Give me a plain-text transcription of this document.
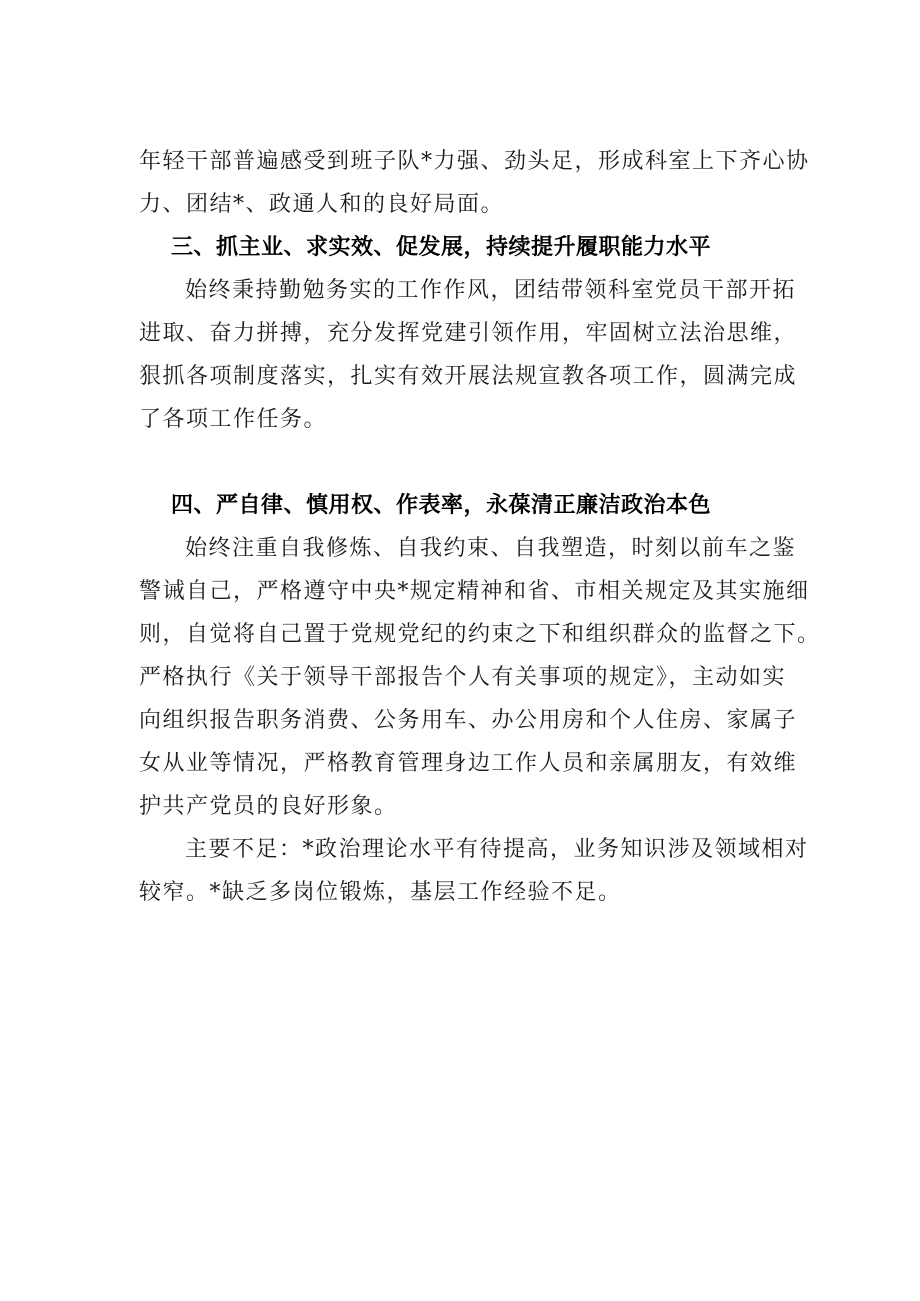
年轻干部普遍感受到班子队*力强、劲头足，形成科室上下齐心协
力、团结*、政通人和的良好局面。
三、抓主业、求实效、促发展，持续提升履职能力水平
始终秉持勤勉务实的工作作风，团结带领科室党员干部开拓
进取、奋力拼搏，充分发挥党建引领作用，牢固树立法治思维，
狠抓各项制度落实，扎实有效开展法规宣教各项工作，圆满完成
了各项工作任务。
四、严自律、慎用权、作表率，永葆清正廉洁政治本色
始终注重自我修炼、自我约束、自我塑造，时刻以前车之鉴
警诫自己，严格遵守中央*规定精神和省、市相关规定及其实施细
则，自觉将自己置于党规党纪的约束之下和组织群众的监督之下。
严格执行《关于领导干部报告个人有关事项的规定》，主动如实
向组织报告职务消费、公务用车、办公用房和个人住房、家属子
女从业等情况，严格教育管理身边工作人员和亲属朋友，有效维
护共产党员的良好形象。
主要不足：*政治理论水平有待提高，业务知识涉及领域相对
较窄。*缺乏多岗位锻炼，基层工作经验不足。
